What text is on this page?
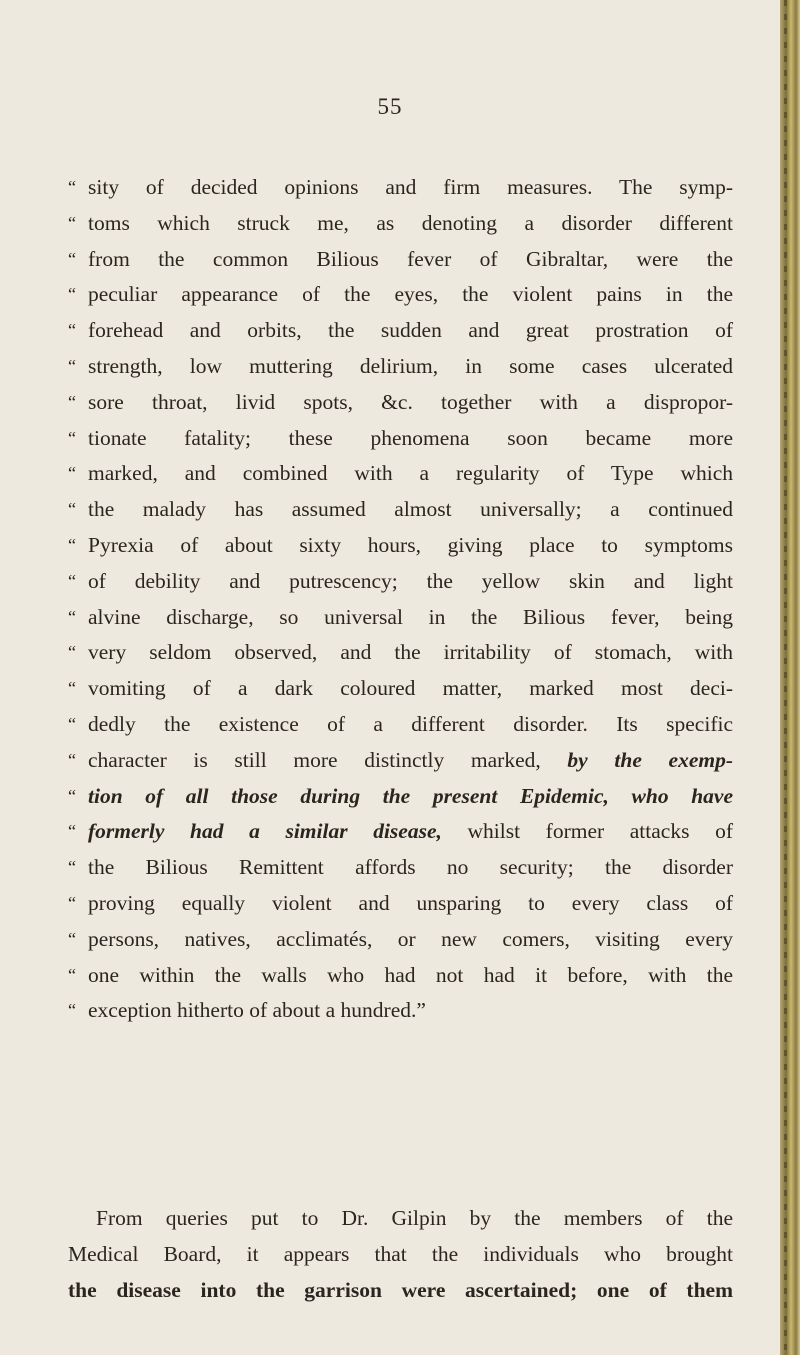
55
“ sity of decided opinions and firm measures. The symp-
“ toms which struck me, as denoting a disorder different
“ from the common Bilious fever of Gibraltar, were the
“ peculiar appearance of the eyes, the violent pains in the
“ forehead and orbits, the sudden and great prostration of
“ strength, low muttering delirium, in some cases ulcerated
“ sore throat, livid spots, &c. together with a dispropor-
“ tionate fatality; these phenomena soon became more
“ marked, and combined with a regularity of Type which
“ the malady has assumed almost universally; a continued
“ Pyrexia of about sixty hours, giving place to symptoms
“ of debility and putrescency; the yellow skin and light
“ alvine discharge, so universal in the Bilious fever, being
“ very seldom observed, and the irritability of stomach, with
“ vomiting of a dark coloured matter, marked most deci-
“ dedly the existence of a different disorder. Its specific
“ character is still more distinctly marked, by the exemp-
“ tion of all those during the present Epidemic, who have
“ formerly had a similar disease, whilst former attacks of
“ the Bilious Remittent affords no security; the disorder
“ proving equally violent and unsparing to every class of
“ persons, natives, acclimatés, or new comers, visiting every
“ one within the walls who had not had it before, with the
“ exception hitherto of about a hundred.”
From queries put to Dr. Gilpin by the members of the
Medical Board, it appears that the individuals who brought
the disease into the garrison were ascertained; one of them
